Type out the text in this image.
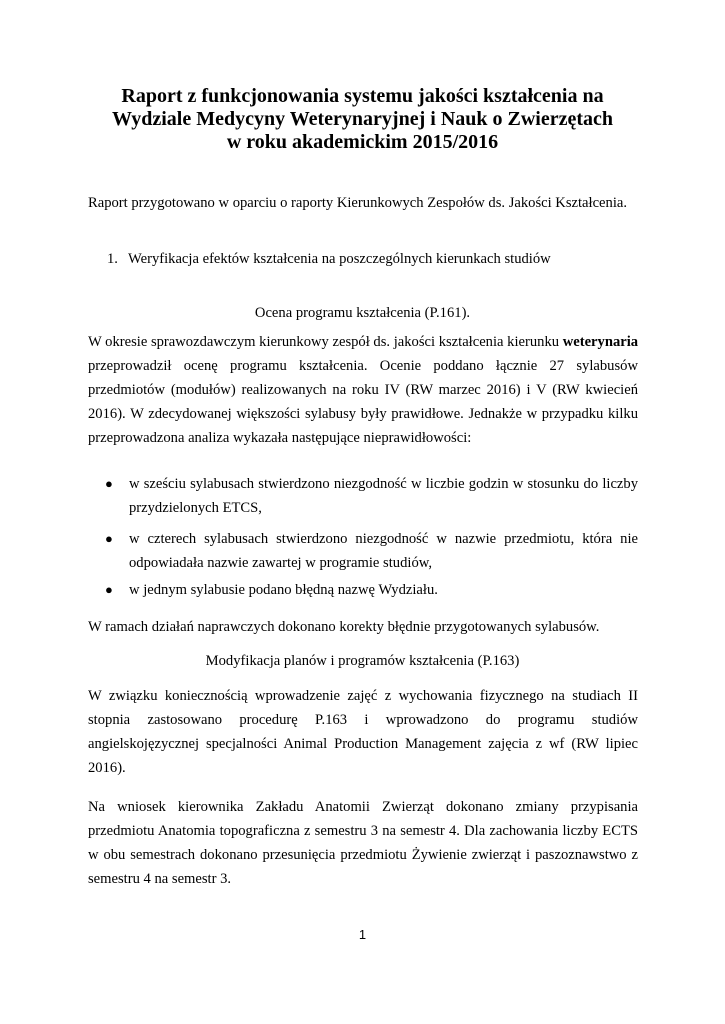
Raport z funkcjonowania systemu jakości kształcenia na
Wydziale Medycyny Weterynaryjnej i Nauk o Zwierzętach
w roku akademickim 2015/2016
Raport przygotowano w oparciu o raporty Kierunkowych Zespołów ds. Jakości Kształcenia.
1. Weryfikacja efektów kształcenia na poszczególnych kierunkach studiów
Ocena programu kształcenia (P.161).
W okresie sprawozdawczym kierunkowy zespół ds. jakości kształcenia kierunku weterynaria
przeprowadził ocenę programu kształcenia. Ocenie poddano łącznie 27 sylabusów
przedmiotów (modułów) realizowanych na roku IV (RW marzec 2016) i V (RW kwiecień
2016). W zdecydowanej większości sylabusy były prawidłowe. Jednakże w przypadku kilku
przeprowadzona analiza wykazała następujące nieprawidłowości:
● w sześciu sylabusach stwierdzono niezgodność w liczbie godzin w stosunku do liczby
przydzielonych ETCS,
● w czterech sylabusach stwierdzono niezgodność w nazwie przedmiotu, która nie
odpowiadała nazwie zawartej w programie studiów,
● w jednym sylabusie podano błędną nazwę Wydziału.
W ramach działań naprawczych dokonano korekty błędnie przygotowanych sylabusów.
Modyfikacja planów i programów kształcenia (P.163)
W związku koniecznością wprowadzenie zajęć z wychowania fizycznego na studiach II
stopnia zastosowano procedurę P.163 i wprowadzono do programu studiów
angielskojęzycznej specjalności Animal Production Management zajęcia z wf (RW lipiec
2016).
Na wniosek kierownika Zakładu Anatomii Zwierząt dokonano zmiany przypisania
przedmiotu Anatomia topograficzna z semestru 3 na semestr 4. Dla zachowania liczby ECTS
w obu semestrach dokonano przesunięcia przedmiotu Żywienie zwierząt i paszoznawstwo z
semestru 4 na semestr 3.
1
